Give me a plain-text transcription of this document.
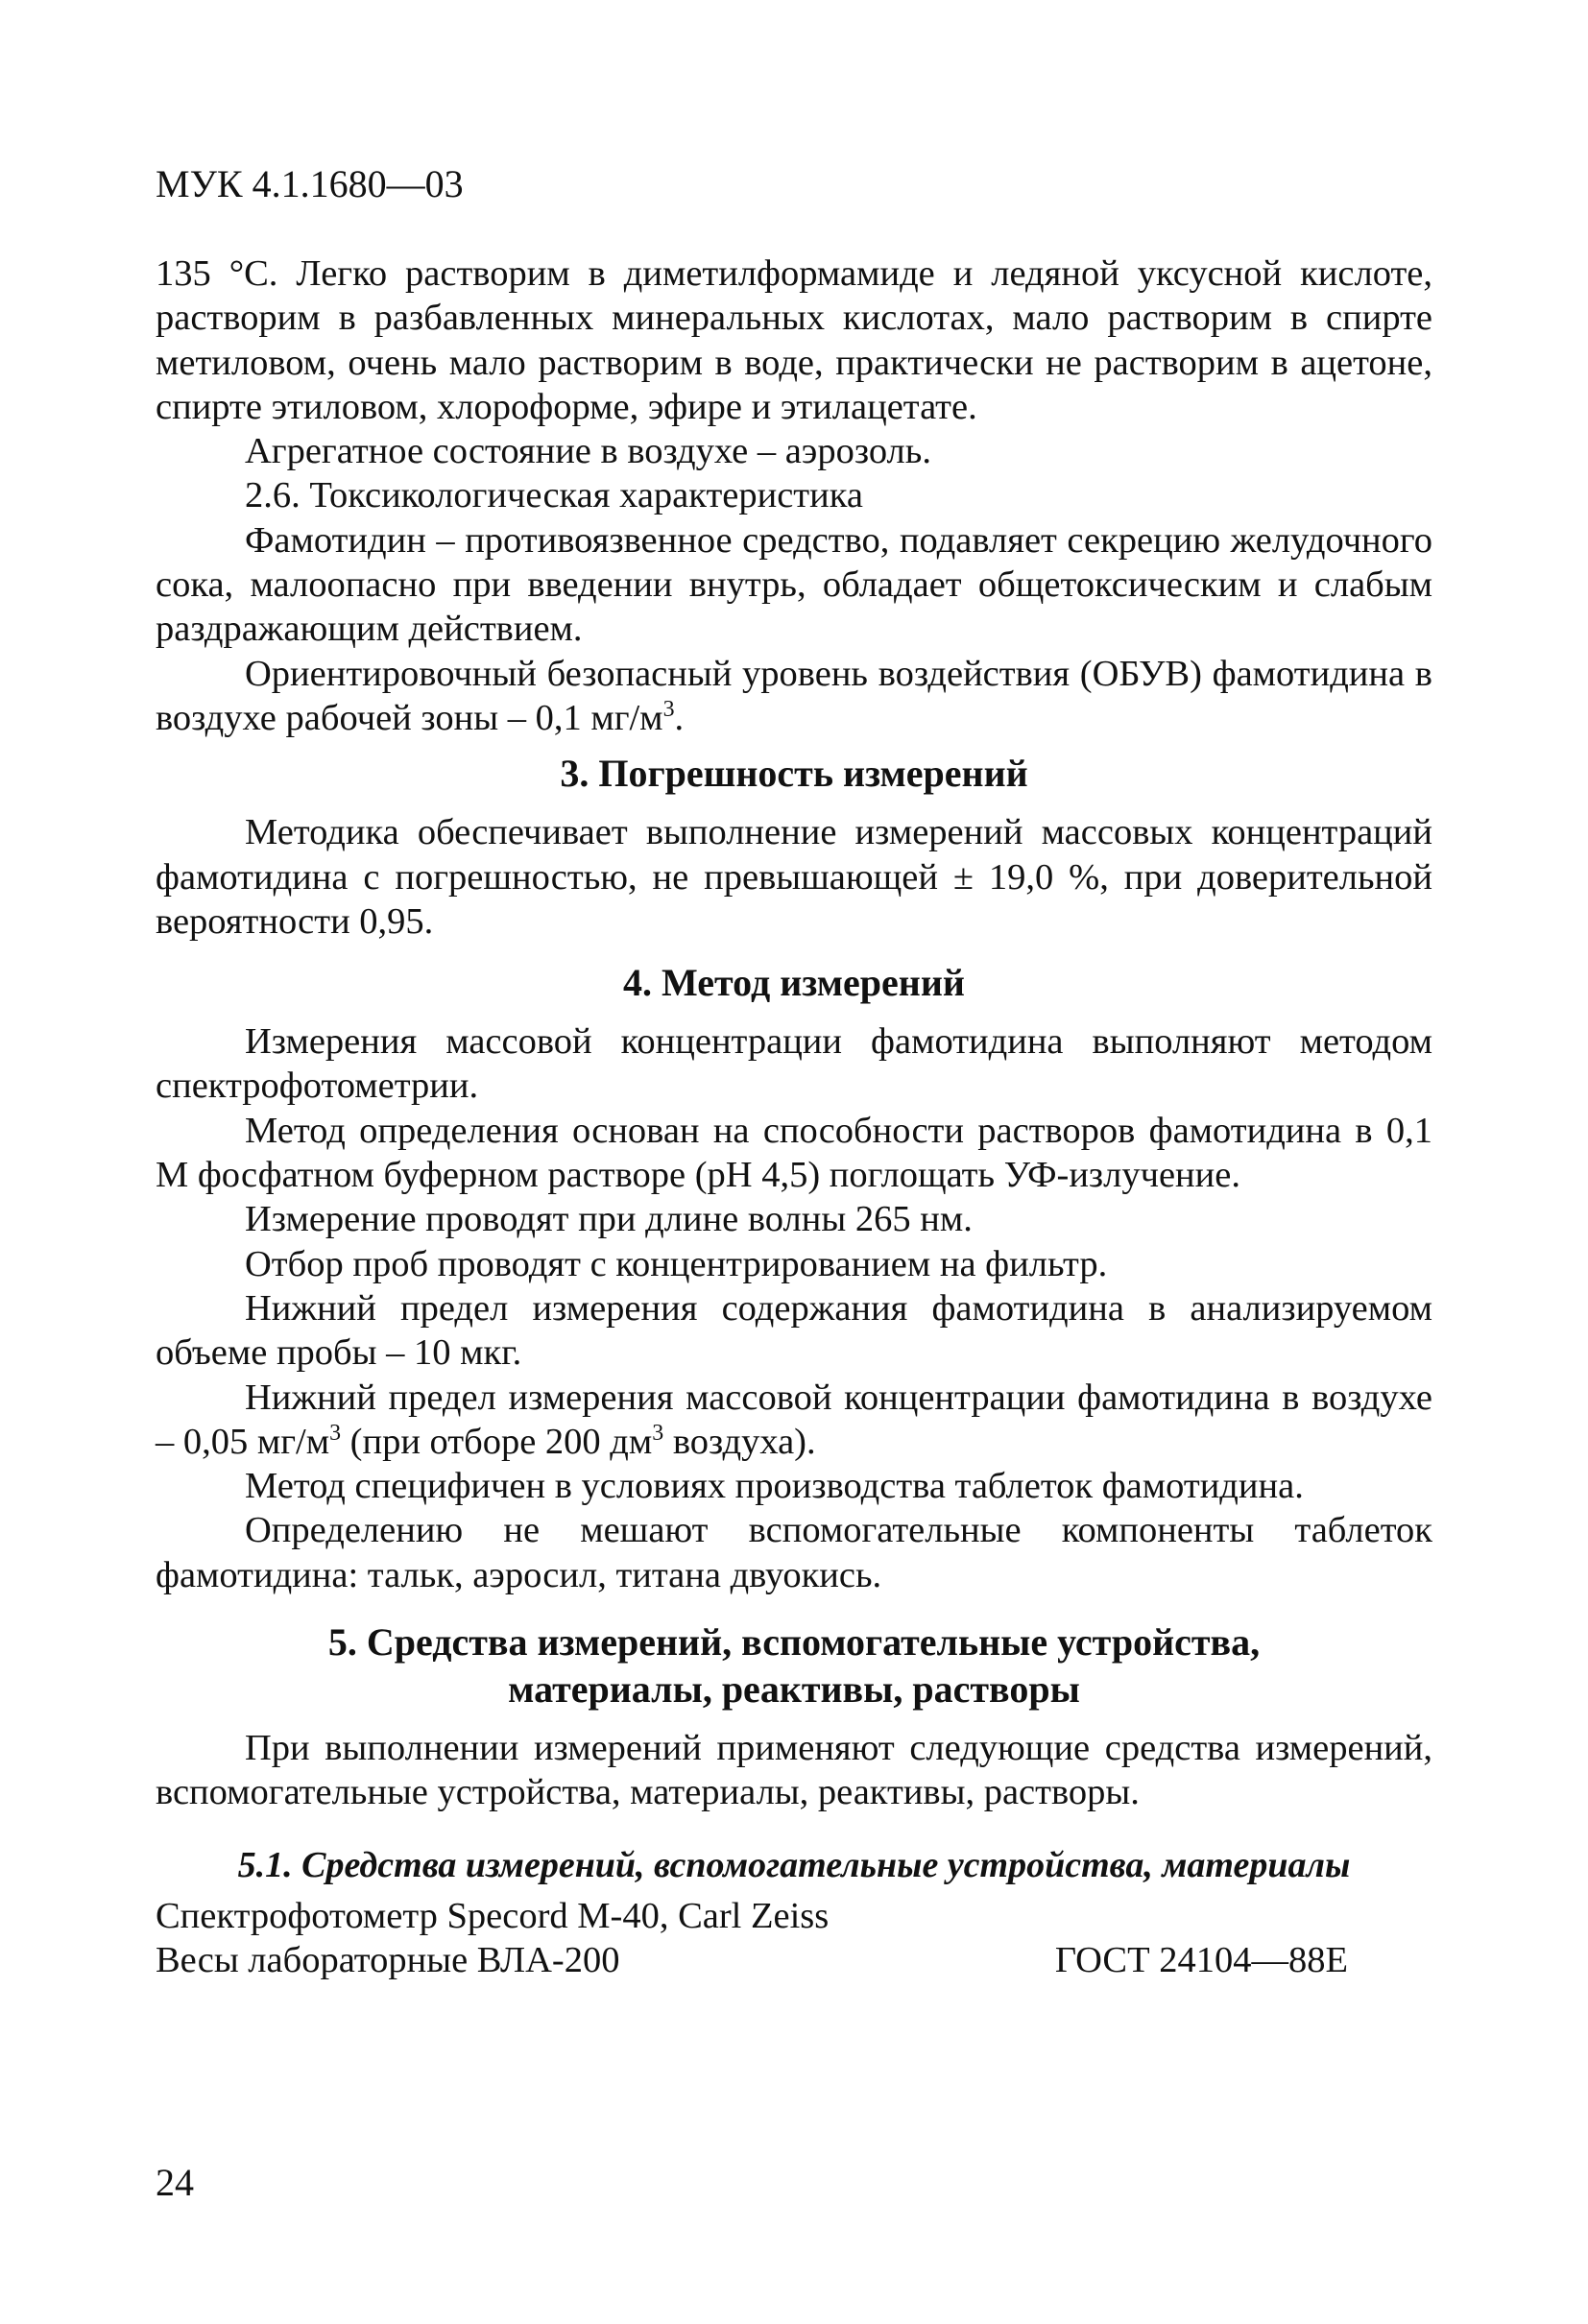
МУК 4.1.1680—03

135 °С. Легко растворим в диметилформамиде и ледяной уксусной кислоте, растворим в разбавленных минеральных кислотах, мало растворим в спирте метиловом, очень мало растворим в воде, практически не растворим в ацетоне, спирте этиловом, хлороформе, эфире и этилацетате.

Агрегатное состояние в воздухе – аэрозоль.

2.6. Токсикологическая характеристика

Фамотидин – противоязвенное средство, подавляет секрецию желудочного сока, малоопасно при введении внутрь, обладает общетоксическим и слабым раздражающим действием.

Ориентировочный безопасный уровень воздействия (ОБУВ) фамотидина в воздухе рабочей зоны – 0,1 $мг/м^3$.

3. Погрешность измерений

Методика обеспечивает выполнение измерений массовых концентраций фамотидина с погрешностью, не превышающей ± 19,0 %, при доверительной вероятности 0,95.

4. Метод измерений

Измерения массовой концентрации фамотидина выполняют методом спектрофотометрии.

Метод определения основан на способности растворов фамотидина в 0,1 М фосфатном буферном растворе (рН 4,5) поглощать УФ-излучение.

Измерение проводят при длине волны 265 нм.

Отбор проб проводят с концентрированием на фильтр.

Нижний предел измерения содержания фамотидина в анализируемом объеме пробы – 10 мкг.

Нижний предел измерения массовой концентрации фамотидина в воздухе – 0,05 $мг/м^3$ (при отборе 200 $дм^3$ воздуха).

Метод специфичен в условиях производства таблеток фамотидина.

Определению не мешают вспомогательные компоненты таблеток фамотидина: тальк, аэросил, титана двуокись.

5. Средства измерений, вспомогательные устройства,
материалы, реактивы, растворы

При выполнении измерений применяют следующие средства измерений, вспомогательные устройства, материалы, реактивы, растворы.

5.1. Средства измерений, вспомогательные устройства, материалы
Спектрофотометр Specord M-40, Carl Zeiss
Весы лабораторные ВЛА-200	ГОСТ 24104—88Е
24
